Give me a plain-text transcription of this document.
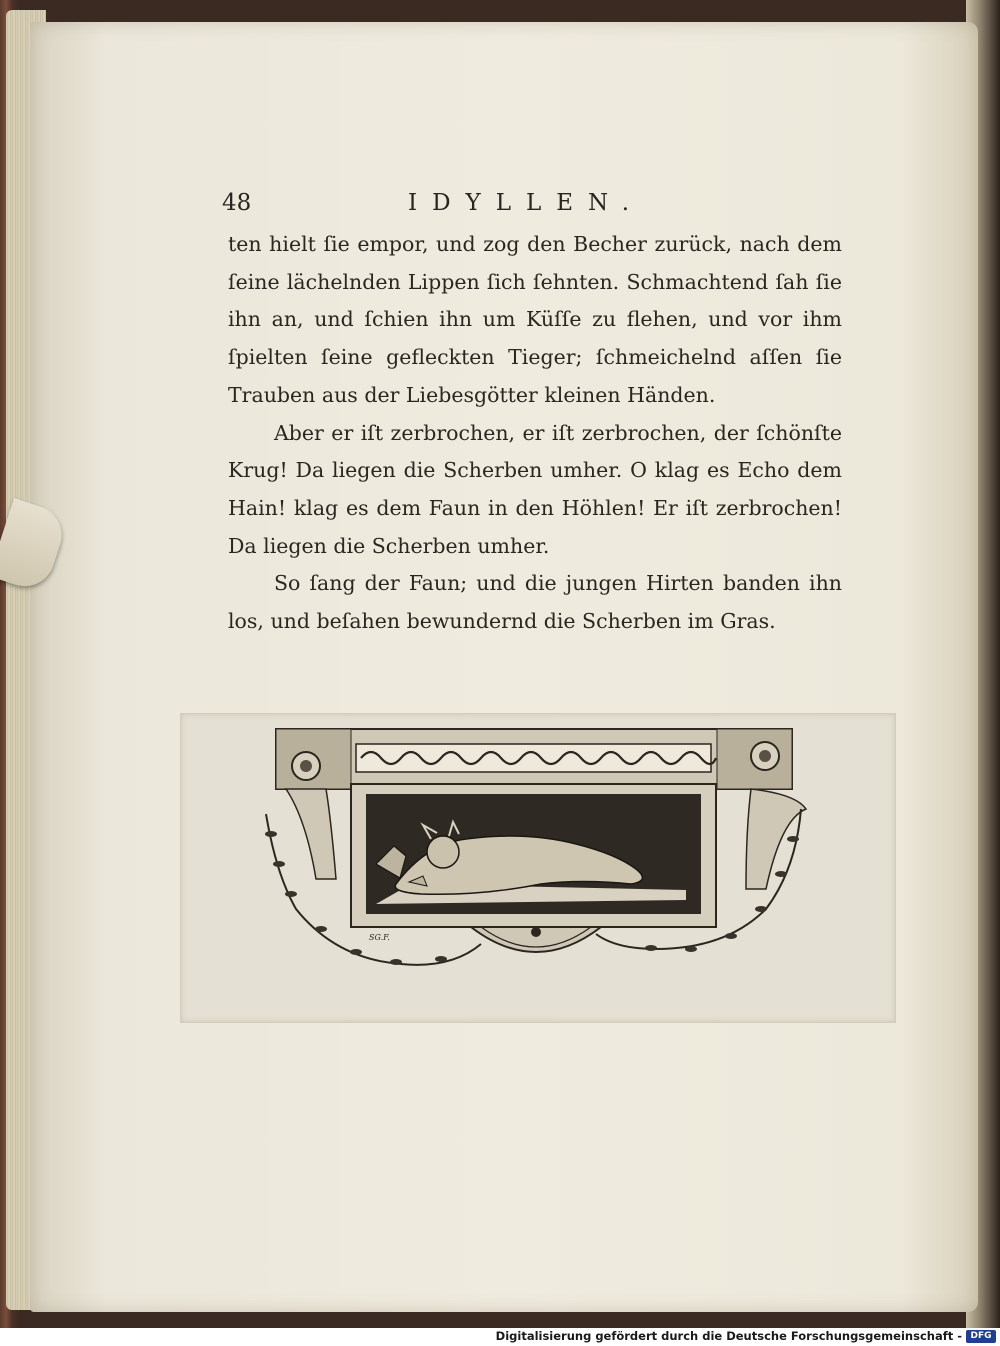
48	IDYLLEN.

ten hielt ſie empor, und zog den Becher zurück, nach dem ſeine lächelnden Lippen ſich ſehnten. Schmachtend ſah ſie ihn an, und ſchien ihn um Küſſe zu flehen, und vor ihm ſpielten ſeine gefleckten Tieger; ſchmeichelnd aſſen ſie Trauben aus der Liebesgötter kleinen Händen.

Aber er iſt zerbrochen, er iſt zerbrochen, der ſchönſte Krug! Da liegen die Scherben umher. O klag es Echo dem Hain! klag es dem Faun in den Höhlen! Er iſt zerbrochen! Da liegen die Scherben umher.

So ſang der Faun; und die jungen Hirten banden ihn los, und beſahen bewundernd die Scherben im Gras.

SG.F.
Digitalisierung gefördert durch die Deutsche Forschungsgemeinschaft - DFG
